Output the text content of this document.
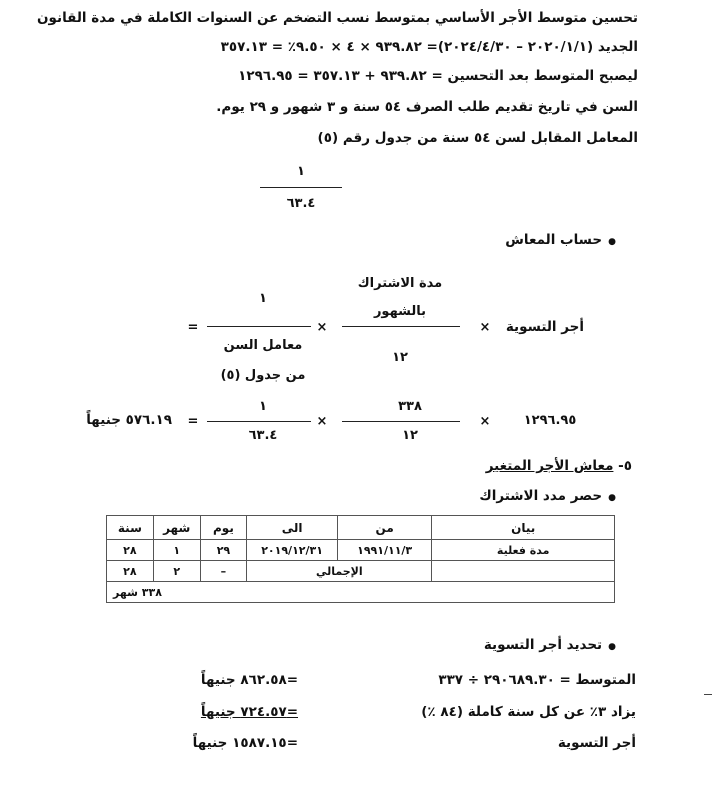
تحسين متوسط الأجر الأساسي بمتوسط نسب التضخم عن السنوات الكاملة في مدة القانون
الجديد (٢٠٢٠/١/١ – ٢٠٢٤/٤/٣٠)= ٩٣٩.٨٢ × ٤ × ٩.٥٠٪ = ٣٥٧.١٣
ليصبح المتوسط بعد التحسين = ٩٣٩.٨٢ + ٣٥٧.١٣ = ١٢٩٦.٩٥
السن في تاريخ تقديم طلب الصرف ٥٤ سنة و ٣ شهور و ٢٩ يوم.
المعامل المقابل لسن ٥٤ سنة من جدول رقم (٥)
١
٦٣.٤
●حساب المعاش
مدة الاشتراك
بالشهور
١٢
أجر التسوية
×
×
١
معامل السن
من جدول (٥)
=
١٢٩٦.٩٥
×
٣٣٨
١٢
×
١
٦٣.٤
=
٥٧٦.١٩ جنيهاً
٥- معاش الأجر المتغير
●حصر مدد الاشتراك
بيان	من	الى	يوم	شهر	سنة
مدة فعلية	١٩٩١/١١/٣	٢٠١٩/١٢/٣١	٢٩	١	٢٨
	الإجمالي		–	٢	٢٨
٣٣٨ شهر					
●تحديد أجر التسوية
المتوسط = ٢٩٠٦٨٩.٣٠ ÷ ٣٣٧
=٨٦٢.٥٨ جنيهاً
يزاد ٣٪ عن كل سنة كاملة (٨٤ ٪)
=٧٢٤.٥٧ جنيهاً
أجر التسوية
=١٥٨٧.١٥ جنيهاً
